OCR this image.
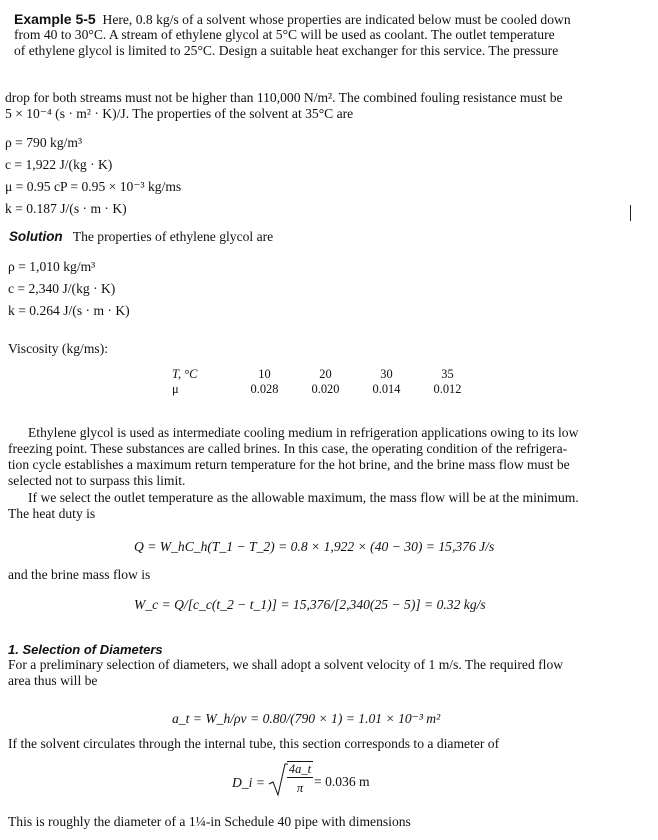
Example 5-5 Here, 0.8 kg/s of a solvent whose properties are indicated below must be cooled down
from 40 to 30°C. A stream of ethylene glycol at 5°C will be used as coolant. The outlet temperature
of ethylene glycol is limited to 25°C. Design a suitable heat exchanger for this service. The pressure
drop for both streams must not be higher than 110,000 N/m². The combined fouling resistance must be
5 × 10⁻⁴ (s · m² · K)/J. The properties of the solvent at 35°C are
ρ = 790 kg/m³
c = 1,922 J/(kg · K)
μ = 0.95 cP = 0.95 × 10⁻³ kg/ms
k = 0.187 J/(s · m · K)
Solution The properties of ethylene glycol are
ρ = 1,010 kg/m³
c = 2,340 J/(kg · K)
k = 0.264 J/(s · m · K)
Viscosity (kg/ms):
T, °C	10	20	30	35
μ	0.028	0.020	0.014	0.012
Ethylene glycol is used as intermediate cooling medium in refrigeration applications owing to its low
freezing point. These substances are called brines. In this case, the operating condition of the refrigera-
tion cycle establishes a maximum return temperature for the hot brine, and the brine mass flow must be
selected not to surpass this limit.
If we select the outlet temperature as the allowable maximum, the mass flow will be at the minimum.
The heat duty is
Q = W_hC_h(T_1 − T_2) = 0.8 × 1,922 × (40 − 30) = 15,376 J/s
and the brine mass flow is
W_c = Q/[c_c(t_2 − t_1)] = 15,376/[2,340(25 − 5)] = 0.32 kg/s
1. Selection of Diameters
For a preliminary selection of diameters, we shall adopt a solvent velocity of 1 m/s. The required flow
area thus will be
a_t = W_h/ρv = 0.80/(790 × 1) = 1.01 × 10⁻³ m²
If the solvent circulates through the internal tube, this section corresponds to a diameter of
D_i =
4a_t
π = 0.036 m
This is roughly the diameter of a 1¼-in Schedule 40 pipe with dimensions
